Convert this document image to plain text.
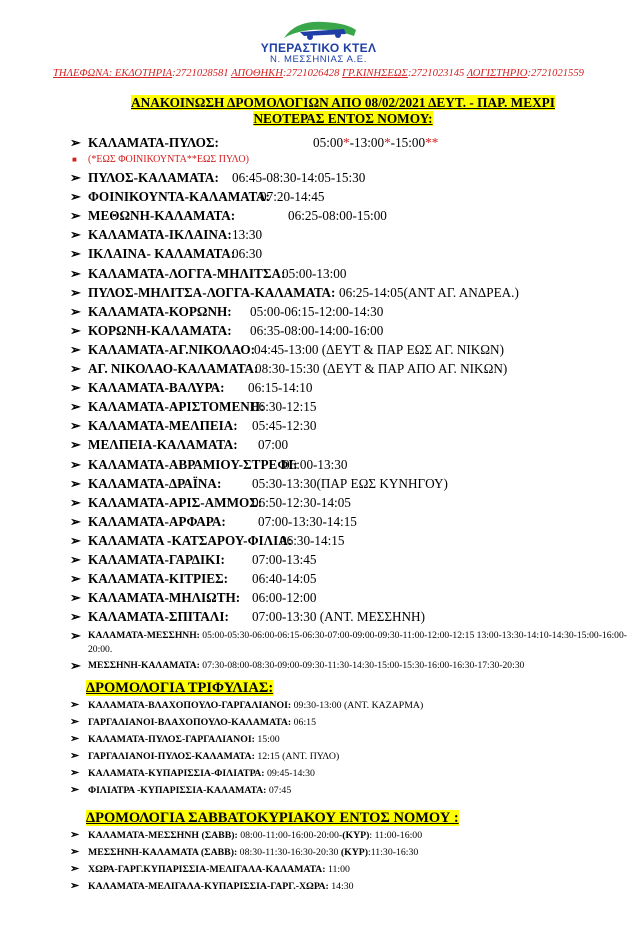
ΥΠΕΡΑΣΤΙΚΟ ΚΤΕΛ
Ν. ΜΕΣΣΗΝΙΑΣ Α.Ε.
ΤΗΛΕΦΩΝΑ: ΕΚΔΟΤΗΡΙΑ:2721028581 ΑΠΟΘΗΚΗ:2721026428 ΓΡ.ΚΙΝΗΣΕΩΣ:2721023145 ΛΟΓΙΣΤΗΡΙΟ:2721021559
ΑΝΑΚΟΙΝΩΣΗ ΔΡΟΜΟΛΟΓΙΩΝ ΑΠΟ 08/02/2021 ΔΕΥΤ. - ΠΑΡ. ΜΕΧΡΙ
ΝΕΟΤΕΡΑΣ ΕΝΤΟΣ ΝΟΜΟΥ:
➢ ΚΑΛΑΜΑΤΑ-ΠΥΛΟΣ:	05:00*-13:00*-15:00**
■ (*ΕΩΣ ΦΟΙΝΙΚΟΥΝΤΑ**ΕΩΣ ΠΥΛΟ)
➢ ΠΥΛΟΣ-ΚΑΛΑΜΑΤΑ: 06:45-08:30-14:05-15:30
➢ ΦΟΙΝΙΚΟΥΝΤΑ-ΚΑΛΑΜΑΤΑ:
07:20-14:45
➢ ΜΕΘΩΝΗ-ΚΑΛΑΜΑΤΑ:	06:25-08:00-15:00
➢ ΚΑΛΑΜΑΤΑ-ΙΚΛΑΙΝΑ: 13:30
➢ ΙΚΛΑΙΝΑ- ΚΑΛΑΜΑΤΑ:
06:30
➢ ΚΑΛΑΜΑΤΑ-ΛΟΓΓΑ-ΜΗΛΙΤΣΑ:
05:00-13:00
➢ ΠΥΛΟΣ-ΜΗΛΙΤΣΑ-ΛΟΓΓΑ-ΚΑΛΑΜΑΤΑ: 06:25-14:05(ΑΝΤ ΑΓ. ΑΝΔΡΕΑ.)
➢ ΚΑΛΑΜΑΤΑ-ΚΟΡΩΝΗ: 05:00-06:15-12:00-14:30
➢ ΚΟΡΩΝΗ-ΚΑΛΑΜΑΤΑ: 06:35-08:00-14:00-16:00
➢ ΚΑΛΑΜΑΤΑ-ΑΓ.ΝΙΚΟΛΑΟ: 04:45-13:00 (ΔΕΥΤ & ΠΑΡ ΕΩΣ ΑΓ. ΝΙΚΩΝ)
➢ ΑΓ. ΝΙΚΟΛΑΟ-ΚΑΛΑΜΑΤΑ:
08:30-15:30 (ΔΕΥΤ & ΠΑΡ ΑΠΟ ΑΓ. ΝΙΚΩΝ)
➢ ΚΑΛΑΜΑΤΑ-ΒΑΛΥΡΑ: 06:15-14:10
➢ ΚΑΛΑΜΑΤΑ-ΑΡΙΣΤΟΜΕΝΗ:
06:30-12:15
➢ ΚΑΛΑΜΑΤΑ-ΜΕΛΠΕΙΑ: 05:45-12:30
➢ ΜΕΛΠΕΙΑ-ΚΑΛΑΜΑΤΑ: 07:00
➢ ΚΑΛΑΜΑΤΑ-ΑΒΡΑΜΙΟΥ-ΣΤΡΕΦΙ:
06:00-13:30
➢ ΚΑΛΑΜΑΤΑ-ΔΡΑΪΝΑ: 05:30-13:30(ΠΑΡ ΕΩΣ ΚΥΝΗΓΟΥ)
➢ ΚΑΛΑΜΑΤΑ-ΑΡΙΣ-ΑΜΜΟΣ:
06:50-12:30-14:05
➢ ΚΑΛΑΜΑΤΑ-ΑΡΦΑΡΑ: 07:00-13:30-14:15
➢ ΚΑΛΑΜΑΤΑ -ΚΑΤΣΑΡΟΥ-ΦΙΛΙΑ:
06:30-14:15
➢ ΚΑΛΑΜΑΤΑ-ΓΑΡΔΙΚΙ: 07:00-13:45
➢ ΚΑΛΑΜΑΤΑ-ΚΙΤΡΙΕΣ: 06:40-14:05
➢ ΚΑΛΑΜΑΤΑ-ΜΗΛΙΩΤΗ: 06:00-12:00
➢ ΚΑΛΑΜΑΤΑ-ΣΠΙΤΑΛΙ: 07:00-13:30 (ΑΝΤ. ΜΕΣΣΗΝΗ)
➢ ΚΑΛΑΜΑΤΑ-ΜΕΣΣΗΝΗ: 05:00-05:30-06:00-06:15-06:30-07:00-09:00-09:30-11:00-12:00-12:15 13:00-13:30-14:10-14:30-15:00-16:00-20:00.
➢ ΜΕΣΣΗΝΗ-ΚΑΛΑΜΑΤΑ: 07:30-08:00-08:30-09:00-09:30-11:30-14:30-15:00-15:30-16:00-16:30-17:30-20:30
ΔΡΟΜΟΛΟΓΙΑ ΤΡΙΦΥΛΙΑΣ:
➢ ΚΑΛΑΜΑΤΑ-ΒΛΑΧΟΠΟΥΛΟ-ΓΑΡΓΑΛΙΑΝΟΙ: 09:30-13:00 (ΑΝΤ. ΚΑΖΑΡΜΑ)
➢ ΓΑΡΓΑΛΙΑΝΟΙ-ΒΛΑΧΟΠΟΥΛΟ-ΚΑΛΑΜΑΤΑ: 06:15
➢ ΚΑΛΑΜΑΤΑ-ΠΥΛΟΣ-ΓΑΡΓΑΛΙΑΝΟΙ: 15:00
➢ ΓΑΡΓΑΛΙΑΝΟΙ-ΠΥΛΟΣ-ΚΑΛΑΜΑΤΑ: 12:15 (ΑΝΤ. ΠΥΛΟ)
➢ ΚΑΛΑΜΑΤΑ-ΚΥΠΑΡΙΣΣΙΑ-ΦΙΛΙΑΤΡΑ: 09:45-14:30
➢ ΦΙΛΙΑΤΡΑ -ΚΥΠΑΡΙΣΣΙΑ-ΚΑΛΑΜΑΤΑ: 07:45
ΔΡΟΜΟΛΟΓΙΑ ΣΑΒΒΑΤΟΚΥΡΙΑΚΟΥ ΕΝΤΟΣ ΝΟΜΟΥ :
➢ ΚΑΛΑΜΑΤΑ-ΜΕΣΣΗΝΗ (ΣΑΒΒ): 08:00-11:00-16:00-20:00-(ΚΥΡ): 11:00-16:00
➢ ΜΕΣΣΗΝΗ-ΚΑΛΑΜΑΤΑ (ΣΑΒΒ): 08:30-11:30-16:30-20:30 (ΚΥΡ):11:30-16:30
➢ ΧΩΡΑ-ΓΑΡΓ.ΚΥΠΑΡΙΣΣΙΑ-ΜΕΛΙΓΑΛΑ-ΚΑΛΑΜΑΤΑ: 11:00
➢ ΚΑΛΑΜΑΤΑ-ΜΕΛΙΓΑΛΑ-ΚΥΠΑΡΙΣΣΙΑ-ΓΑΡΓ.-ΧΩΡΑ: 14:30
